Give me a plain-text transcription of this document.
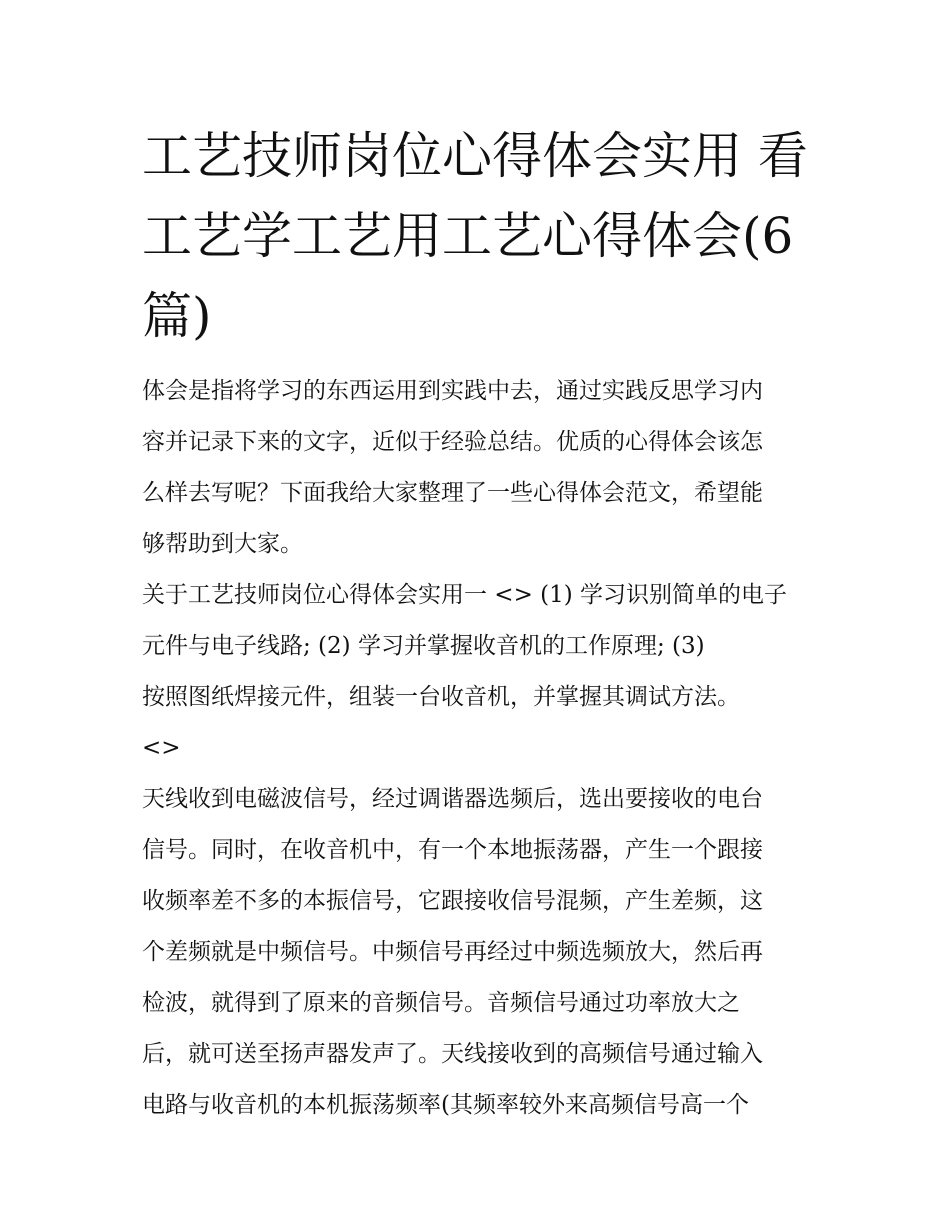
工艺技师岗位心得体会实用 看
工艺学工艺用工艺心得体会(6
篇)

体会是指将学习的东西运用到实践中去，通过实践反思学习内
容并记录下来的文字，近似于经验总结。优质的心得体会该怎
么样去写呢？下面我给大家整理了一些心得体会范文，希望能
够帮助到大家。

关于工艺技师岗位心得体会实用一 <> (1) 学习识别简单的电子
元件与电子线路; (2) 学习并掌握收音机的工作原理; (3)
按照图纸焊接元件，组装一台收音机，并掌握其调试方法。
<>

天线收到电磁波信号，经过调谐器选频后，选出要接收的电台
信号。同时，在收音机中，有一个本地振荡器，产生一个跟接
收频率差不多的本振信号，它跟接收信号混频，产生差频，这
个差频就是中频信号。中频信号再经过中频选频放大，然后再
检波，就得到了原来的音频信号。音频信号通过功率放大之
后，就可送至扬声器发声了。天线接收到的高频信号通过输入
电路与收音机的本机振荡频率(其频率较外来高频信号高一个
